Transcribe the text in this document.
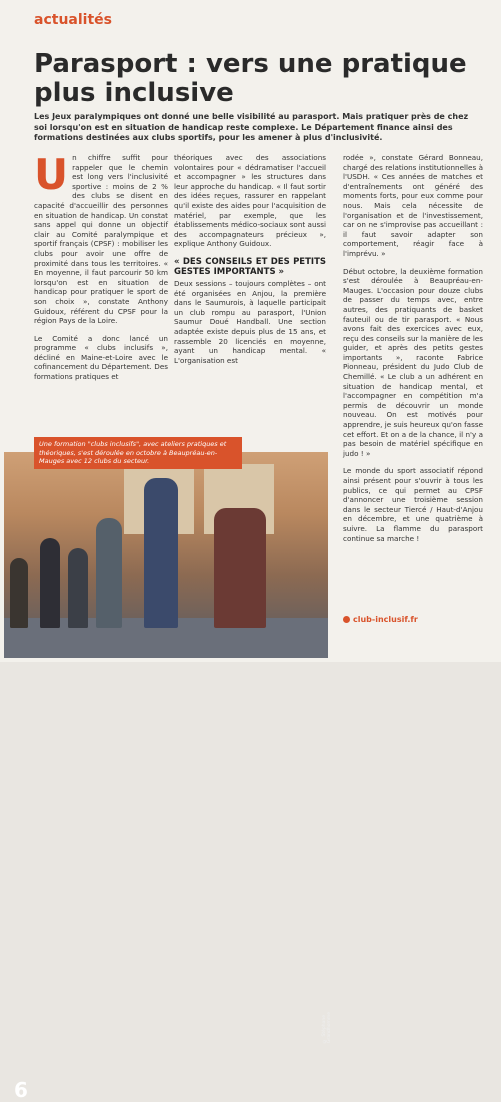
actualités
Parasport : vers une pratique plus inclusive

Les Jeux paralympiques ont donné une belle visibilité au parasport. Mais pratiquer près de chez soi lorsqu'on est en situation de handicap reste complexe. Le Département finance ainsi des formations destinées aux clubs sportifs, pour les amener à plus d'inclusivité.

Un chiffre suffit pour rappeler que le chemin est long vers l'inclusivité sportive : moins de 2 % des clubs se disent en capacité d'accueillir des personnes en situation de handicap. Un constat sans appel qui donne un objectif clair au Comité paralympique et sportif français (CPSF) : mobiliser les clubs pour avoir une offre de proximité dans tous les territoires. « En moyenne, il faut parcourir 50 km lorsqu'on est en situation de handicap pour pratiquer le sport de son choix », constate Anthony Guidoux, référent du CPSF pour la région Pays de la Loire.

Le Comité a donc lancé un programme « clubs inclusifs », décliné en Maine-et-Loire avec le cofinancement du Département. Des formations pratiques et

théoriques avec des associations volontaires pour « dédramatiser l'accueil et accompagner » les structures dans leur approche du handicap. « Il faut sortir des idées reçues, rassurer en rappelant qu'il existe des aides pour l'acquisition de matériel, par exemple, que les établissements médico-sociaux sont aussi des accompagnateurs précieux », explique Anthony Guidoux.

« DES CONSEILS ET DES PETITS GESTES IMPORTANTS »

Deux sessions – toujours complètes – ont été organisées en Anjou, la première dans le Saumurois, à laquelle participait un club rompu au parasport, l'Union Saumur Doué Handball. Une section adaptée existe depuis plus de 15 ans, et rassemble 20 licenciés en moyenne, ayant un handicap mental. « L'organisation est

rodée », constate Gérard Bonneau, chargé des relations institutionnelles à l'USDH. « Ces années de matches et d'entraînements ont généré des moments forts, pour eux comme pour nous. Mais cela nécessite de l'organisation et de l'investissement, car on ne s'improvise pas accueillant : il faut savoir adapter son comportement, réagir face à l'imprévu. »

Début octobre, la deuxième formation s'est déroulée à Beaupréau-en-Mauges. L'occasion pour douze clubs de passer du temps avec, entre autres, des pratiquants de basket fauteuil ou de tir parasport. « Nous avons fait des exercices avec eux, reçu des conseils sur la manière de les guider, et après des petits gestes importants », raconte Fabrice Pionneau, président du Judo Club de Chemillé. « Le club a un adhérent en situation de handicap mental, et l'accompagner en compétition m'a permis de découvrir un monde nouveau. On est motivés pour apprendre, je suis heureux qu'on fasse cet effort. Et on a de la chance, il n'y a pas besoin de matériel spécifique en judo ! »

Le monde du sport associatif répond ainsi présent pour s'ouvrir à tous les publics, ce qui permet au CPSF d'annoncer une troisième session dans le secteur Tiercé / Haut-d'Anjou en décembre, et une quatrième à suivre. La flamme du parasport continue sa marche !

6
© Stéphane Grandhomme
Une formation "clubs inclusifs", avec ateliers pratiques et théoriques, s'est déroulée en octobre à Beaupréau-en-Mauges avec 12 clubs du secteur.
club-inclusif.fr
